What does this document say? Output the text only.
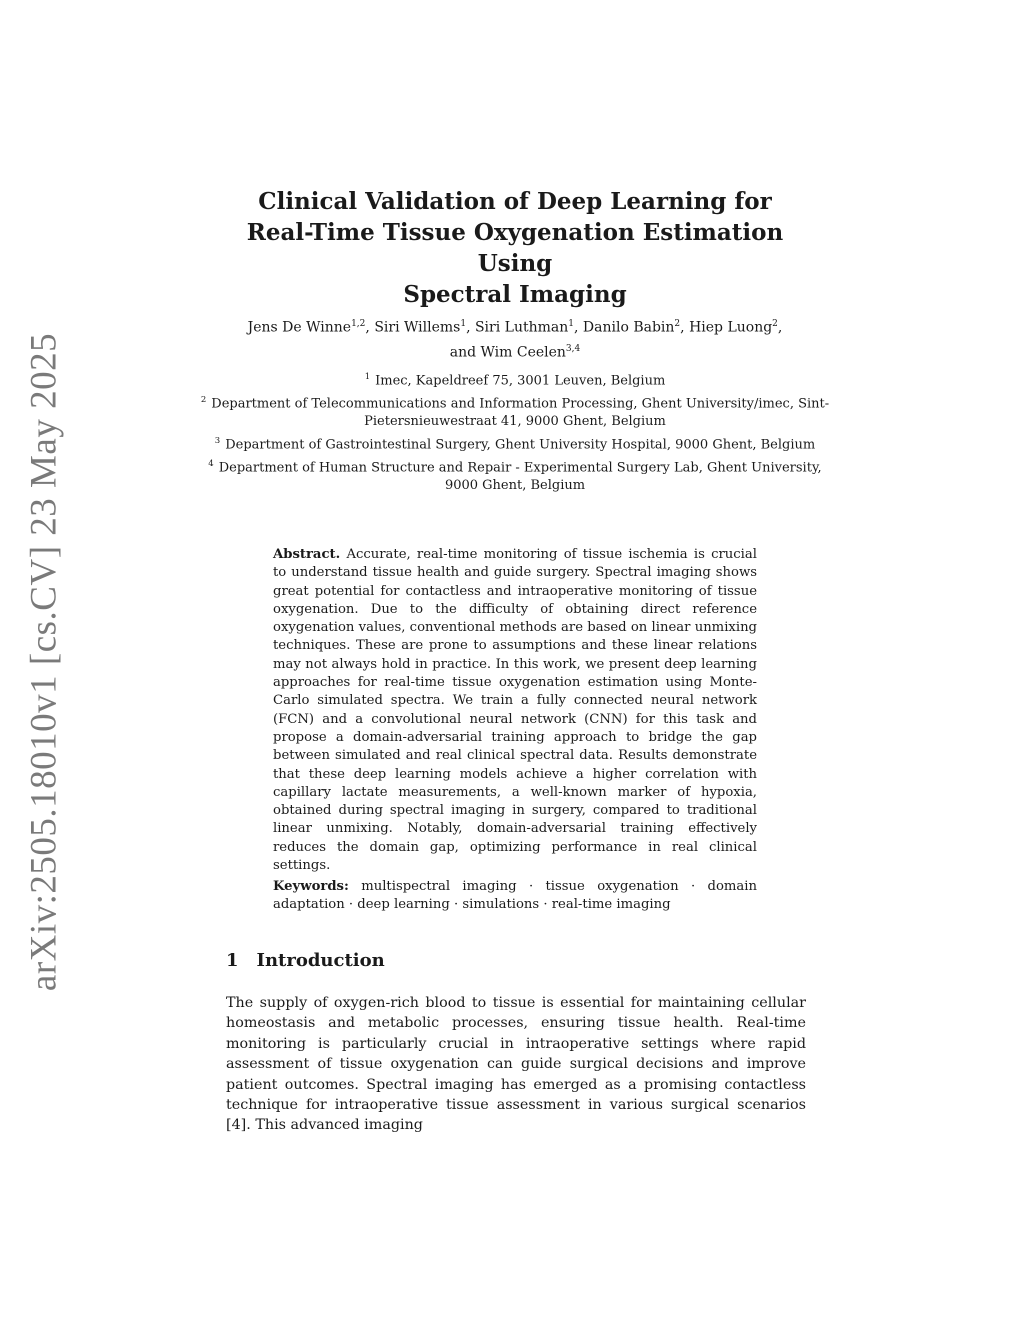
arXiv:2505.18010v1 [cs.CV] 23 May 2025
Clinical Validation of Deep Learning for
Real-Time Tissue Oxygenation Estimation Using
Spectral Imaging
Jens De Winne$^{1,2}$, Siri Willems$^1$, Siri Luthman$^1$, Danilo Babin$^2$, Hiep Luong$^2$,
and Wim Ceelen$^{3,4}$
$^1$ Imec, Kapeldreef 75, 3001 Leuven, Belgium
$^2$ Department of Telecommunications and Information Processing, Ghent University/imec, Sint-Pietersnieuwestraat 41, 9000 Ghent, Belgium
$^3$ Department of Gastrointestinal Surgery, Ghent University Hospital, 9000 Ghent, Belgium
$^4$ Department of Human Structure and Repair - Experimental Surgery Lab, Ghent University, 9000 Ghent, Belgium
Abstract. Accurate, real-time monitoring of tissue ischemia is crucial to understand tissue health and guide surgery. Spectral imaging shows great potential for contactless and intraoperative monitoring of tissue oxygenation. Due to the difficulty of obtaining direct reference oxygenation values, conventional methods are based on linear unmixing techniques. These are prone to assumptions and these linear relations may not always hold in practice. In this work, we present deep learning approaches for real-time tissue oxygenation estimation using Monte-Carlo simulated spectra. We train a fully connected neural network (FCN) and a convolutional neural network (CNN) for this task and propose a domain-adversarial training approach to bridge the gap between simulated and real clinical spectral data. Results demonstrate that these deep learning models achieve a higher correlation with capillary lactate measurements, a well-known marker of hypoxia, obtained during spectral imaging in surgery, compared to traditional linear unmixing. Notably, domain-adversarial training effectively reduces the domain gap, optimizing performance in real clinical settings.
Keywords: multispectral imaging · tissue oxygenation · domain adaptation · deep learning · simulations · real-time imaging
1 Introduction
The supply of oxygen-rich blood to tissue is essential for maintaining cellular homeostasis and metabolic processes, ensuring tissue health. Real-time monitoring is particularly crucial in intraoperative settings where rapid assessment of tissue oxygenation can guide surgical decisions and improve patient outcomes. Spectral imaging has emerged as a promising contactless technique for intraoperative tissue assessment in various surgical scenarios [4]. This advanced imaging
